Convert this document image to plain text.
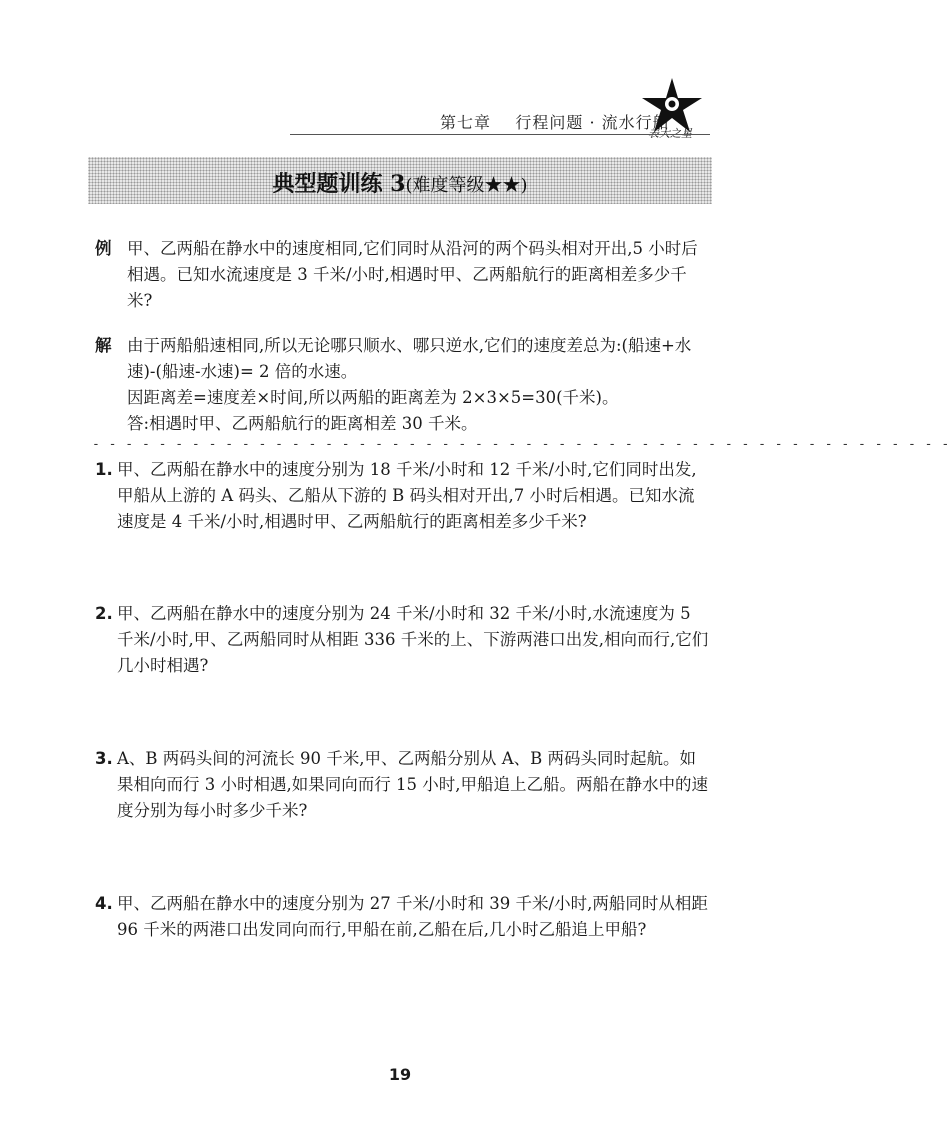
第七章 行程问题 · 流水行船
表大之星
典型题训练 3(难度等级★★)
例 甲、乙两船在静水中的速度相同,它们同时从沿河的两个码头相对开出,5 小时后相遇。已知水流速度是 3 千米/小时,相遇时甲、乙两船航行的距离相差多少千米?

解 由于两船船速相同,所以无论哪只顺水、哪只逆水,它们的速度差总为:(船速+水速)-(船速-水速)= 2 倍的水速。

因距离差=速度差×时间,所以两船的距离差为 2×3×5=30(千米)。

答:相遇时甲、乙两船航行的距离相差 30 千米。

- - - - - - - - - - - - - - - - - - - - - - - - - - - - - - - - - - - - - - - - - - - - - - - - - - - -
1. 甲、乙两船在静水中的速度分别为 18 千米/小时和 12 千米/小时,它们同时出发,甲船从上游的 A 码头、乙船从下游的 B 码头相对开出,7 小时后相遇。已知水流速度是 4 千米/小时,相遇时甲、乙两船航行的距离相差多少千米?

2. 甲、乙两船在静水中的速度分别为 24 千米/小时和 32 千米/小时,水流速度为 5 千米/小时,甲、乙两船同时从相距 336 千米的上、下游两港口出发,相向而行,它们几小时相遇?

3. A、B 两码头间的河流长 90 千米,甲、乙两船分别从 A、B 两码头同时起航。如果相向而行 3 小时相遇,如果同向而行 15 小时,甲船追上乙船。两船在静水中的速度分别为每小时多少千米?

4. 甲、乙两船在静水中的速度分别为 27 千米/小时和 39 千米/小时,两船同时从相距 96 千米的两港口出发同向而行,甲船在前,乙船在后,几小时乙船追上甲船?

19
